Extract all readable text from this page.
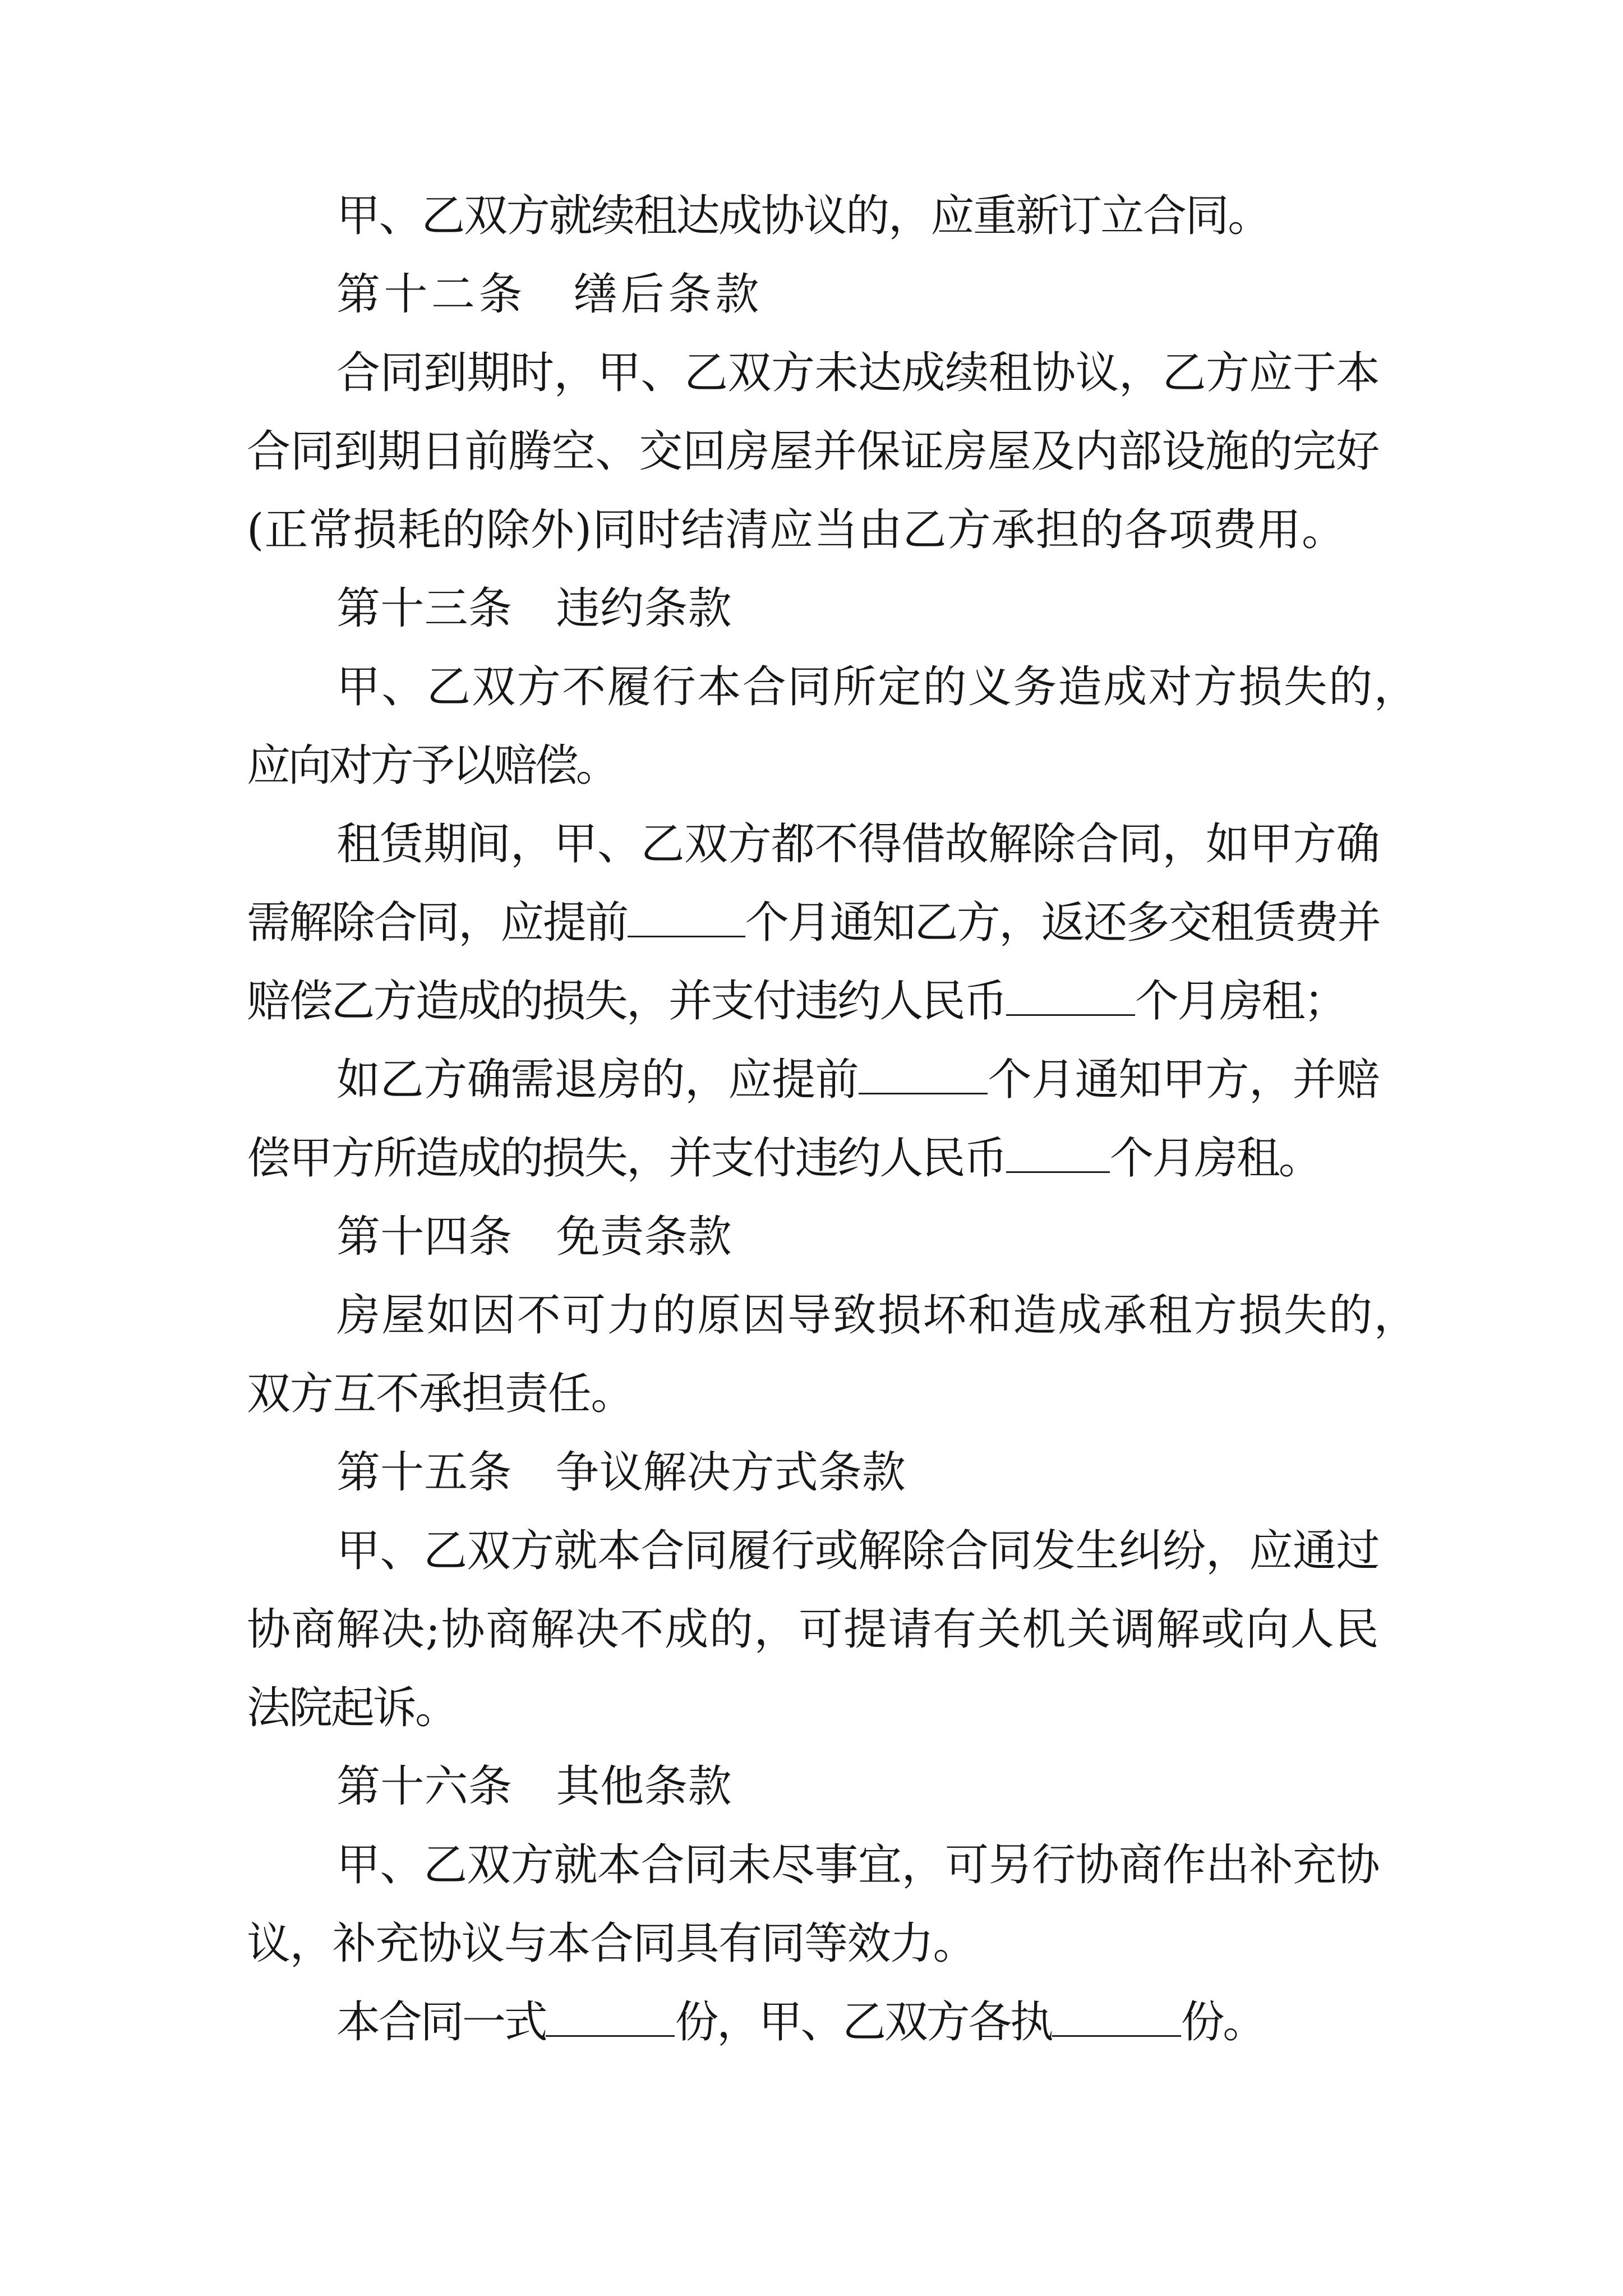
甲、乙双方就续租达成协议的，应重新订立合同。
第十二条　缮后条款
合同到期时，甲、乙双方未达成续租协议，乙方应于本
合同到期日前腾空、交回房屋并保证房屋及内部设施的完好
(正常损耗的除外)同时结清应当由乙方承担的各项费用。
第十三条　违约条款
甲、乙双方不履行本合同所定的义务造成对方损失的，
应向对方予以赔偿。
租赁期间，甲、乙双方都不得借故解除合同，如甲方确
需解除合同，应提前	个月通知乙方，返还多交租赁费并
赔偿乙方造成的损失，并支付违约人民币	个月房租；
如乙方确需退房的，应提前	个月通知甲方，并赔
偿甲方所造成的损失，并支付违约人民币 个月房租。
第十四条　免责条款
房屋如因不可力的原因导致损坏和造成承租方损失的，
双方互不承担责任。
第十五条　争议解决方式条款
甲、乙双方就本合同履行或解除合同发生纠纷，应通过
协商解决;协商解决不成的，可提请有关机关调解或向人民
法院起诉。
第十六条　其他条款
甲、乙双方就本合同未尽事宜，可另行协商作出补充协
议，补充协议与本合同具有同等效力。
本合同一式	份，甲、乙双方各执	份。
